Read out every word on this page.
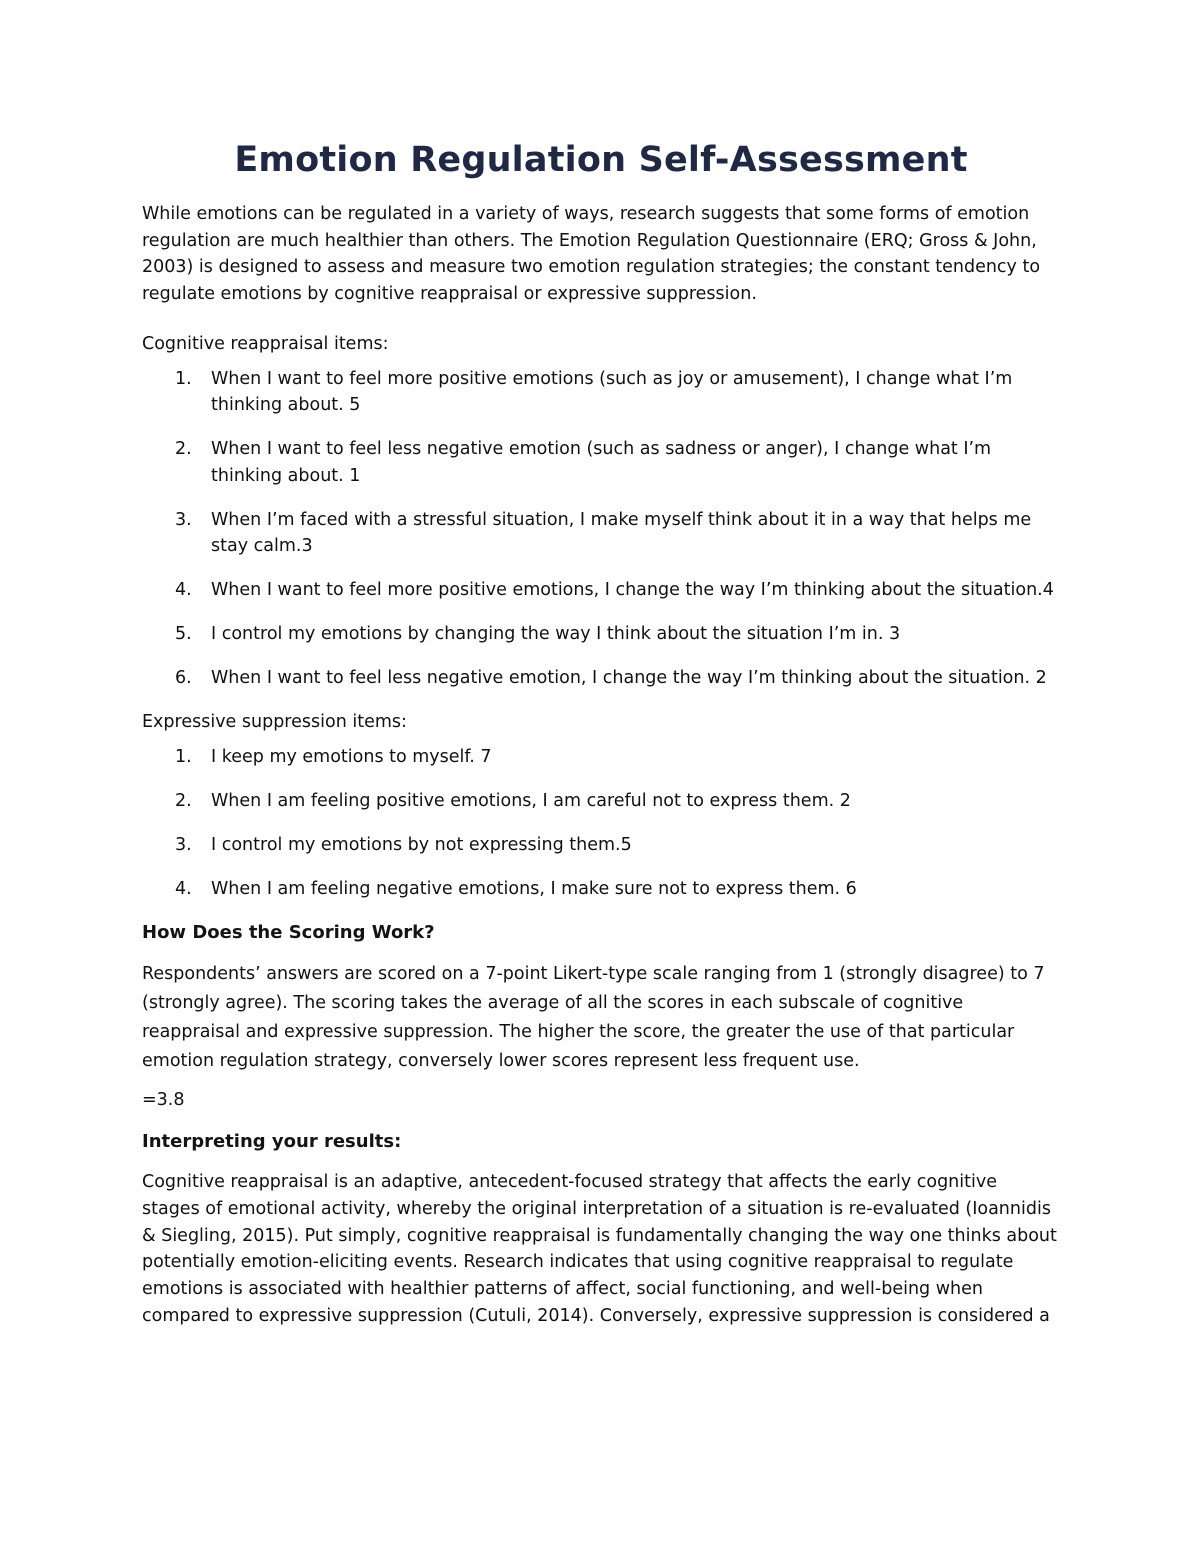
Emotion Regulation Self-Assessment

While emotions can be regulated in a variety of ways, research suggests that some forms of emotion regulation are much healthier than others. The Emotion Regulation Questionnaire (ERQ; Gross & John, 2003) is designed to assess and measure two emotion regulation strategies; the constant tendency to regulate emotions by cognitive reappraisal or expressive suppression.

Cognitive reappraisal items:

1. When I want to feel more positive emotions (such as joy or amusement), I change what I’m thinking about. 5
2. When I want to feel less negative emotion (such as sadness or anger), I change what I’m thinking about. 1
3. When I’m faced with a stressful situation, I make myself think about it in a way that helps me stay calm.3
4. When I want to feel more positive emotions, I change the way I’m thinking about the situation.4
5. I control my emotions by changing the way I think about the situation I’m in. 3
6. When I want to feel less negative emotion, I change the way I’m thinking about the situation. 2

Expressive suppression items:

1. I keep my emotions to myself. 7
2. When I am feeling positive emotions, I am careful not to express them. 2
3. I control my emotions by not expressing them.5
4. When I am feeling negative emotions, I make sure not to express them. 6
How Does the Scoring Work?

Respondents’ answers are scored on a 7-point Likert-type scale ranging from 1 (strongly disagree) to 7 (strongly agree). The scoring takes the average of all the scores in each subscale of cognitive reappraisal and expressive suppression. The higher the score, the greater the use of that particular emotion regulation strategy, conversely lower scores represent less frequent use.

=3.8

Interpreting your results:

Cognitive reappraisal is an adaptive, antecedent-focused strategy that affects the early cognitive stages of emotional activity, whereby the original interpretation of a situation is re-evaluated (Ioannidis & Siegling, 2015). Put simply, cognitive reappraisal is fundamentally changing the way one thinks about potentially emotion-eliciting events. Research indicates that using cognitive reappraisal to regulate emotions is associated with healthier patterns of affect, social functioning, and well-being when compared to expressive suppression (Cutuli, 2014). Conversely, expressive suppression is considered a
